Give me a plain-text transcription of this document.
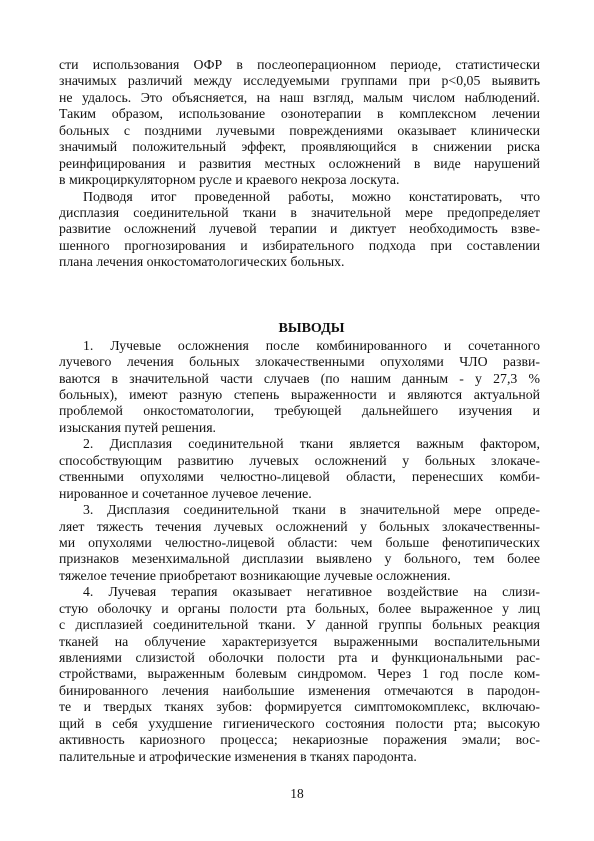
сти использования ОФР в послеоперационном периоде, статистически
значимых различий между исследуемыми группами при p<0,05 выявить
не удалось. Это объясняется, на наш взгляд, малым числом наблюдений.
Таким образом, использование озонотерапии в комплексном лечении
больных с поздними лучевыми повреждениями оказывает клинически
значимый положительный эффект, проявляющийся в снижении риска
реинфицирования и развития местных осложнений в виде нарушений
в микроциркуляторном русле и краевого некроза лоскута.
Подводя итог проведенной работы, можно констатировать, что
дисплазия соединительной ткани в значительной мере предопределяет
развитие осложнений лучевой терапии и диктует необходимость взве-
шенного прогнозирования и избирательного подхода при составлении
плана лечения онкостоматологических больных.
ВЫВОДЫ
1. Лучевые осложнения после комбинированного и сочетанного
лучевого лечения больных злокачественными опухолями ЧЛО разви-
ваются в значительной части случаев (по нашим данным - у 27,3 %
больных), имеют разную степень выраженности и являются актуальной
проблемой онкостоматологии, требующей дальнейшего изучения и
изыскания путей решения.
2. Дисплазия соединительной ткани является важным фактором,
способствующим развитию лучевых осложнений у больных злокаче-
ственными опухолями челюстно-лицевой области, перенесших комби-
нированное и сочетанное лучевое лечение.
3. Дисплазия соединительной ткани в значительной мере опреде-
ляет тяжесть течения лучевых осложнений у больных злокачественны-
ми опухолями челюстно-лицевой области: чем больше фенотипических
признаков мезенхимальной дисплазии выявлено у больного, тем более
тяжелое течение приобретают возникающие лучевые осложнения.
4. Лучевая терапия оказывает негативное воздействие на слизи-
стую оболочку и органы полости рта больных, более выраженное у лиц
с дисплазией соединительной ткани. У данной группы больных реакция
тканей на облучение характеризуется выраженными воспалительными
явлениями слизистой оболочки полости рта и функциональными рас-
стройствами, выраженным болевым синдромом. Через 1 год после ком-
бинированного лечения наибольшие изменения отмечаются в пародон-
те и твердых тканях зубов: формируется симптомокомплекс, включаю-
щий в себя ухудшение гигиенического состояния полости рта; высокую
активность кариозного процесса; некариозные поражения эмали; вос-
палительные и атрофические изменения в тканях пародонта.
18
